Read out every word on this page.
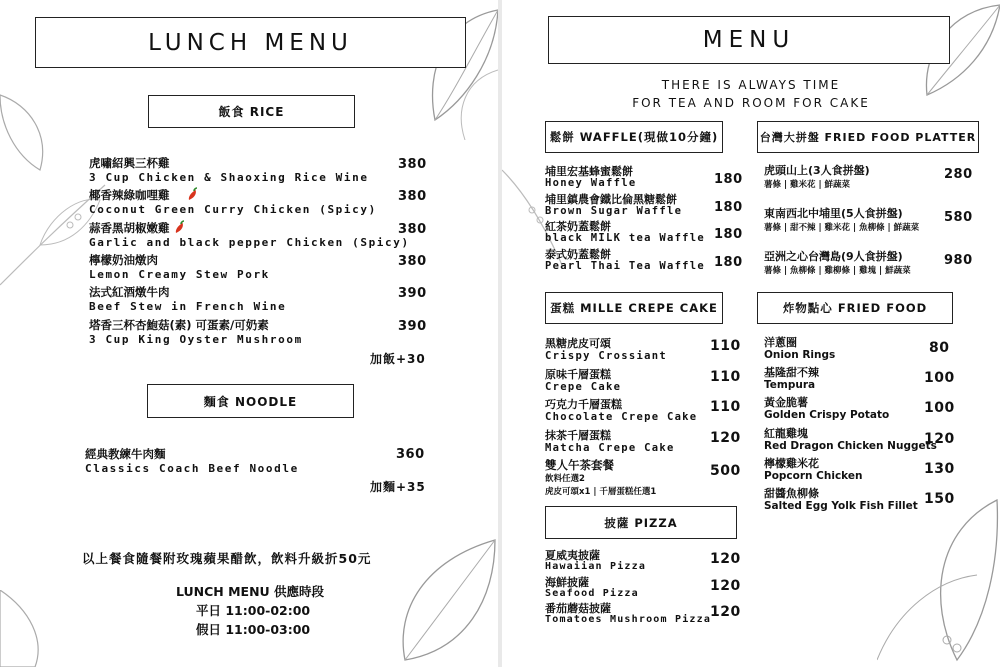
LUNCH MENU
飯食 RICE
虎嘯紹興三杯雞
3 Cup Chicken & Shaoxing Rice Wine
380
椰香辣綠咖哩雞
Coconut Green Curry Chicken (Spicy)
380
蒜香黑胡椒嫩雞
Garlic and black pepper Chicken (Spicy)
380
檸檬奶油燉肉
Lemon Creamy Stew Pork
380
法式紅酒燉牛肉
Beef Stew in French Wine
390
塔香三杯杏鮑菇(素) 可蛋素/可奶素
3 Cup King Oyster Mushroom
390
加飯+30
麵食 NOODLE
經典教練牛肉麵
Classics Coach Beef Noodle
360
加麵+35
以上餐食隨餐附玫瑰蘋果醋飲，飲料升級折50元
LUNCH MENU 供應時段
平日 11:00-02:00
假日 11:00-03:00
MENU
THERE IS ALWAYS TIME
FOR TEA AND ROOM FOR CAKE
鬆餅 WAFFLE(現做10分鐘)	台灣大拼盤 FRIED FOOD PLATTER
埔里宏基蜂蜜鬆餅
Honey Waffle	180
埔里鎮農會鐵比倫黑糖鬆餅
Brown Sugar Waffle 180
紅茶奶蓋鬆餅
black MILK tea Waffle 180
泰式奶蓋鬆餅
Pearl Thai Tea Waffle 180
虎頭山上(3人食拼盤)
薯條 | 雞米花 | 鮮蔬菜
280
東南西北中埔里(5人食拼盤)
薯條 | 甜不辣 | 雞米花 | 魚柳條 | 鮮蔬菜
580
亞洲之心台灣島(9人食拼盤)
薯條 | 魚柳條 | 雞柳條 | 雞塊 | 鮮蔬菜
980
蛋糕 MILLE CREPE CAKE	炸物點心 FRIED FOOD
黑糖虎皮可頌
Crispy Crossiant
110
原味千層蛋糕
Crepe Cake
110
巧克力千層蛋糕
Chocolate Crepe Cake
110
抹茶千層蛋糕
Matcha Crepe Cake
120
雙人午茶套餐
飲料任選2
虎皮可頌x1 | 千層蛋糕任選1
500
洋蔥圈
Onion Rings	80
基隆甜不辣
Tempura	100
黃金脆薯
Golden Crispy Potato 100
紅龍雞塊
Red Dragon Chicken Nuggets
120
檸檬雞米花
Popcorn Chicken	130
甜醬魚柳條
Salted Egg Yolk Fish Fillet 150
披薩 PIZZA
夏威夷披薩
Hawaiian Pizza	120
海鮮披薩
Seafood Pizza	120
番茄蘑菇披薩
Tomatoes Mushroom Pizza
120
